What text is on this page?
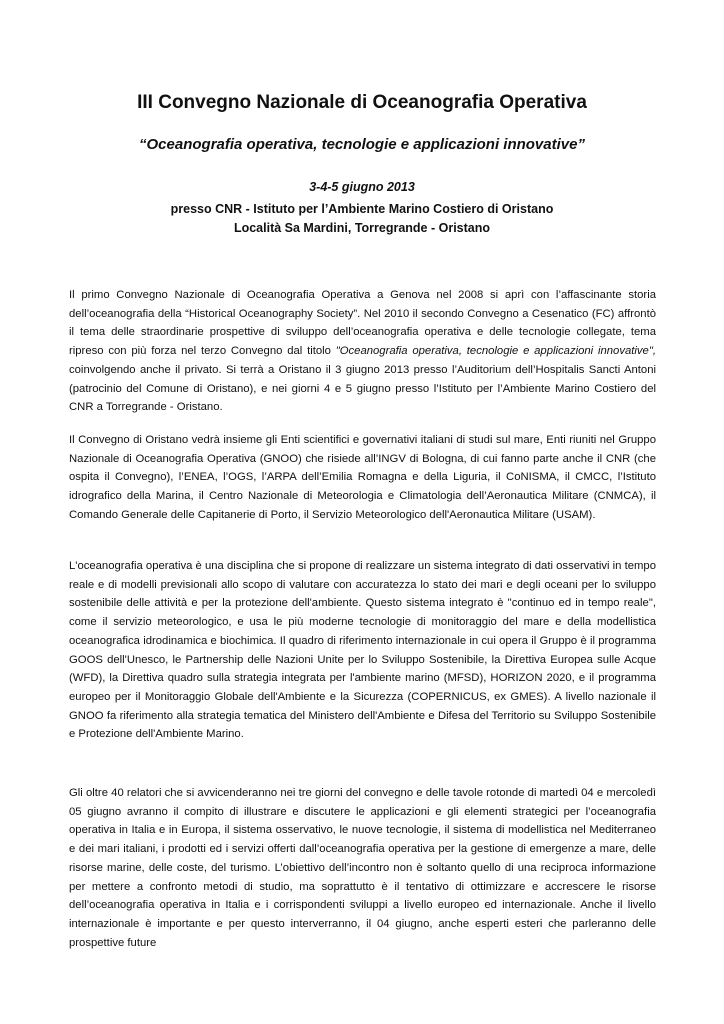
III Convegno Nazionale di Oceanografia Operativa
“Oceanografia operativa, tecnologie e applicazioni innovative”
3-4-5 giugno 2013
presso CNR - Istituto per l’Ambiente Marino Costiero di Oristano
Località Sa Mardini, Torregrande - Oristano

Il primo Convegno Nazionale di Oceanografia Operativa a Genova nel 2008 si aprì con l’affascinante storia dell’oceanografia della “Historical Oceanography Society”. Nel 2010 il secondo Convegno a Cesenatico (FC) affrontò il tema delle straordinarie prospettive di sviluppo dell’oceanografia operativa e delle tecnologie collegate, tema ripreso con più forza nel terzo Convegno dal titolo "Oceanografia operativa, tecnologie e applicazioni innovative", coinvolgendo anche il privato. Si terrà a Oristano il 3 giugno 2013 presso l’Auditorium dell’Hospitalis Sancti Antoni (patrocinio del Comune di Oristano), e nei giorni 4 e 5 giugno presso l’Istituto per l’Ambiente Marino Costiero del CNR a Torregrande - Oristano.

Il Convegno di Oristano vedrà insieme gli Enti scientifici e governativi italiani di studi sul mare, Enti riuniti nel Gruppo Nazionale di Oceanografia Operativa (GNOO) che risiede all’INGV di Bologna, di cui fanno parte anche il CNR (che ospita il Convegno), l’ENEA, l’OGS, l’ARPA dell’Emilia Romagna e della Liguria, il CoNISMA, il CMCC, l’Istituto idrografico della Marina, il Centro Nazionale di Meteorologia e Climatologia dell’Aeronautica Militare (CNMCA), il Comando Generale delle Capitanerie di Porto, il Servizio Meteorologico dell'Aeronautica Militare (USAM).

L'oceanografia operativa è una disciplina che si propone di realizzare un sistema integrato di dati osservativi in tempo reale e di modelli previsionali allo scopo di valutare con accuratezza lo stato dei mari e degli oceani per lo sviluppo sostenibile delle attività e per la protezione dell'ambiente. Questo sistema integrato è "continuo ed in tempo reale", come il servizio meteorologico, e usa le più moderne tecnologie di monitoraggio del mare e della modellistica oceanografica idrodinamica e biochimica. Il quadro di riferimento internazionale in cui opera il Gruppo è il programma GOOS dell'Unesco, le Partnership delle Nazioni Unite per lo Sviluppo Sostenibile, la Direttiva Europea sulle Acque (WFD), la Direttiva quadro sulla strategia integrata per l'ambiente marino (MFSD), HORIZON 2020, e il programma europeo per il Monitoraggio Globale dell'Ambiente e la Sicurezza (COPERNICUS, ex GMES). A livello nazionale il GNOO fa riferimento alla strategia tematica del Ministero dell'Ambiente e Difesa del Territorio su Sviluppo Sostenibile e Protezione dell'Ambiente Marino.

Gli oltre 40 relatori che si avvicenderanno nei tre giorni del convegno e delle tavole rotonde di martedì 04 e mercoledì 05 giugno avranno il compito di illustrare e discutere le applicazioni e gli elementi strategici per l’oceanografia operativa in Italia e in Europa, il sistema osservativo, le nuove tecnologie, il sistema di modellistica nel Mediterraneo e dei mari italiani, i prodotti ed i servizi offerti dall’oceanografia operativa per la gestione di emergenze a mare, delle risorse marine, delle coste, del turismo. L’obiettivo dell’incontro non è soltanto quello di una reciproca informazione per mettere a confronto metodi di studio, ma soprattutto è il tentativo di ottimizzare e accrescere le risorse dell’oceanografia operativa in Italia e i corrispondenti sviluppi a livello europeo ed internazionale. Anche il livello internazionale è importante e per questo interverranno, il 04 giugno, anche esperti esteri che parleranno delle prospettive future
